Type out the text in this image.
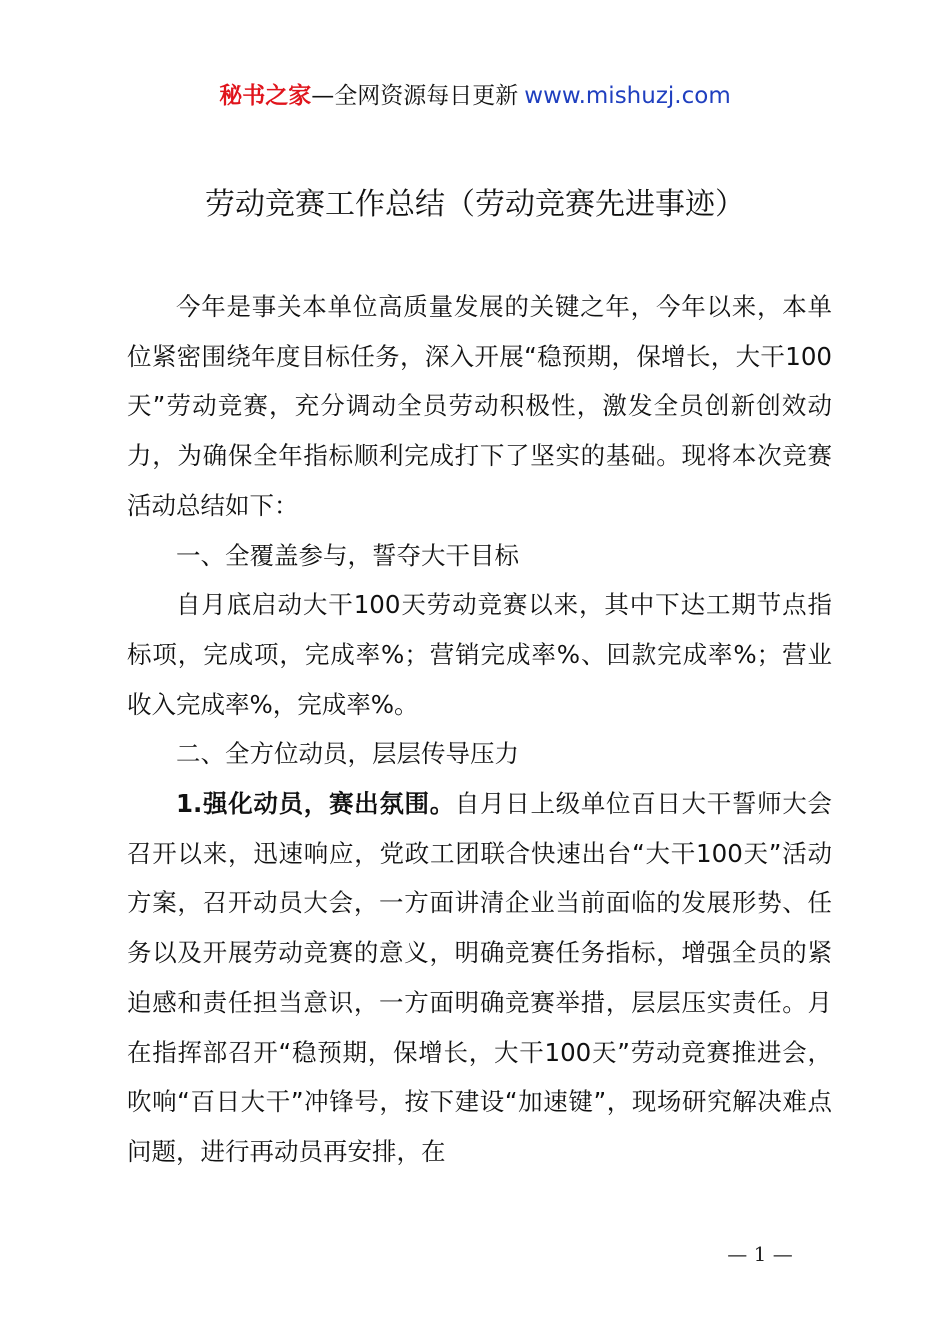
秘书之家—全网资源每日更新 www.mishuzj.com
劳动竞赛工作总结（劳动竞赛先进事迹）

今年是事关本单位高质量发展的关键之年，今年以来，本单位紧密围绕年度目标任务，深入开展“稳预期，保增长，大干100天”劳动竞赛，充分调动全员劳动积极性，激发全员创新创效动力，为确保全年指标顺利完成打下了坚实的基础。现将本次竞赛活动总结如下：

一、全覆盖参与，誓夺大干目标

自月底启动大干100天劳动竞赛以来，其中下达工期节点指标项，完成项，完成率%；营销完成率%、回款完成率%；营业收入完成率%，完成率%。

二、全方位动员，层层传导压力

1.强化动员，赛出氛围。自月日上级单位百日大干誓师大会召开以来，迅速响应，党政工团联合快速出台“大干100天”活动方案，召开动员大会，一方面讲清企业当前面临的发展形势、任务以及开展劳动竞赛的意义，明确竞赛任务指标，增强全员的紧迫感和责任担当意识，一方面明确竞赛举措，层层压实责任。月在指挥部召开“稳预期，保增长，大干100天”劳动竞赛推进会，吹响“百日大干”冲锋号，按下建设“加速键”，现场研究解决难点问题，进行再动员再安排，在

— 1 —
